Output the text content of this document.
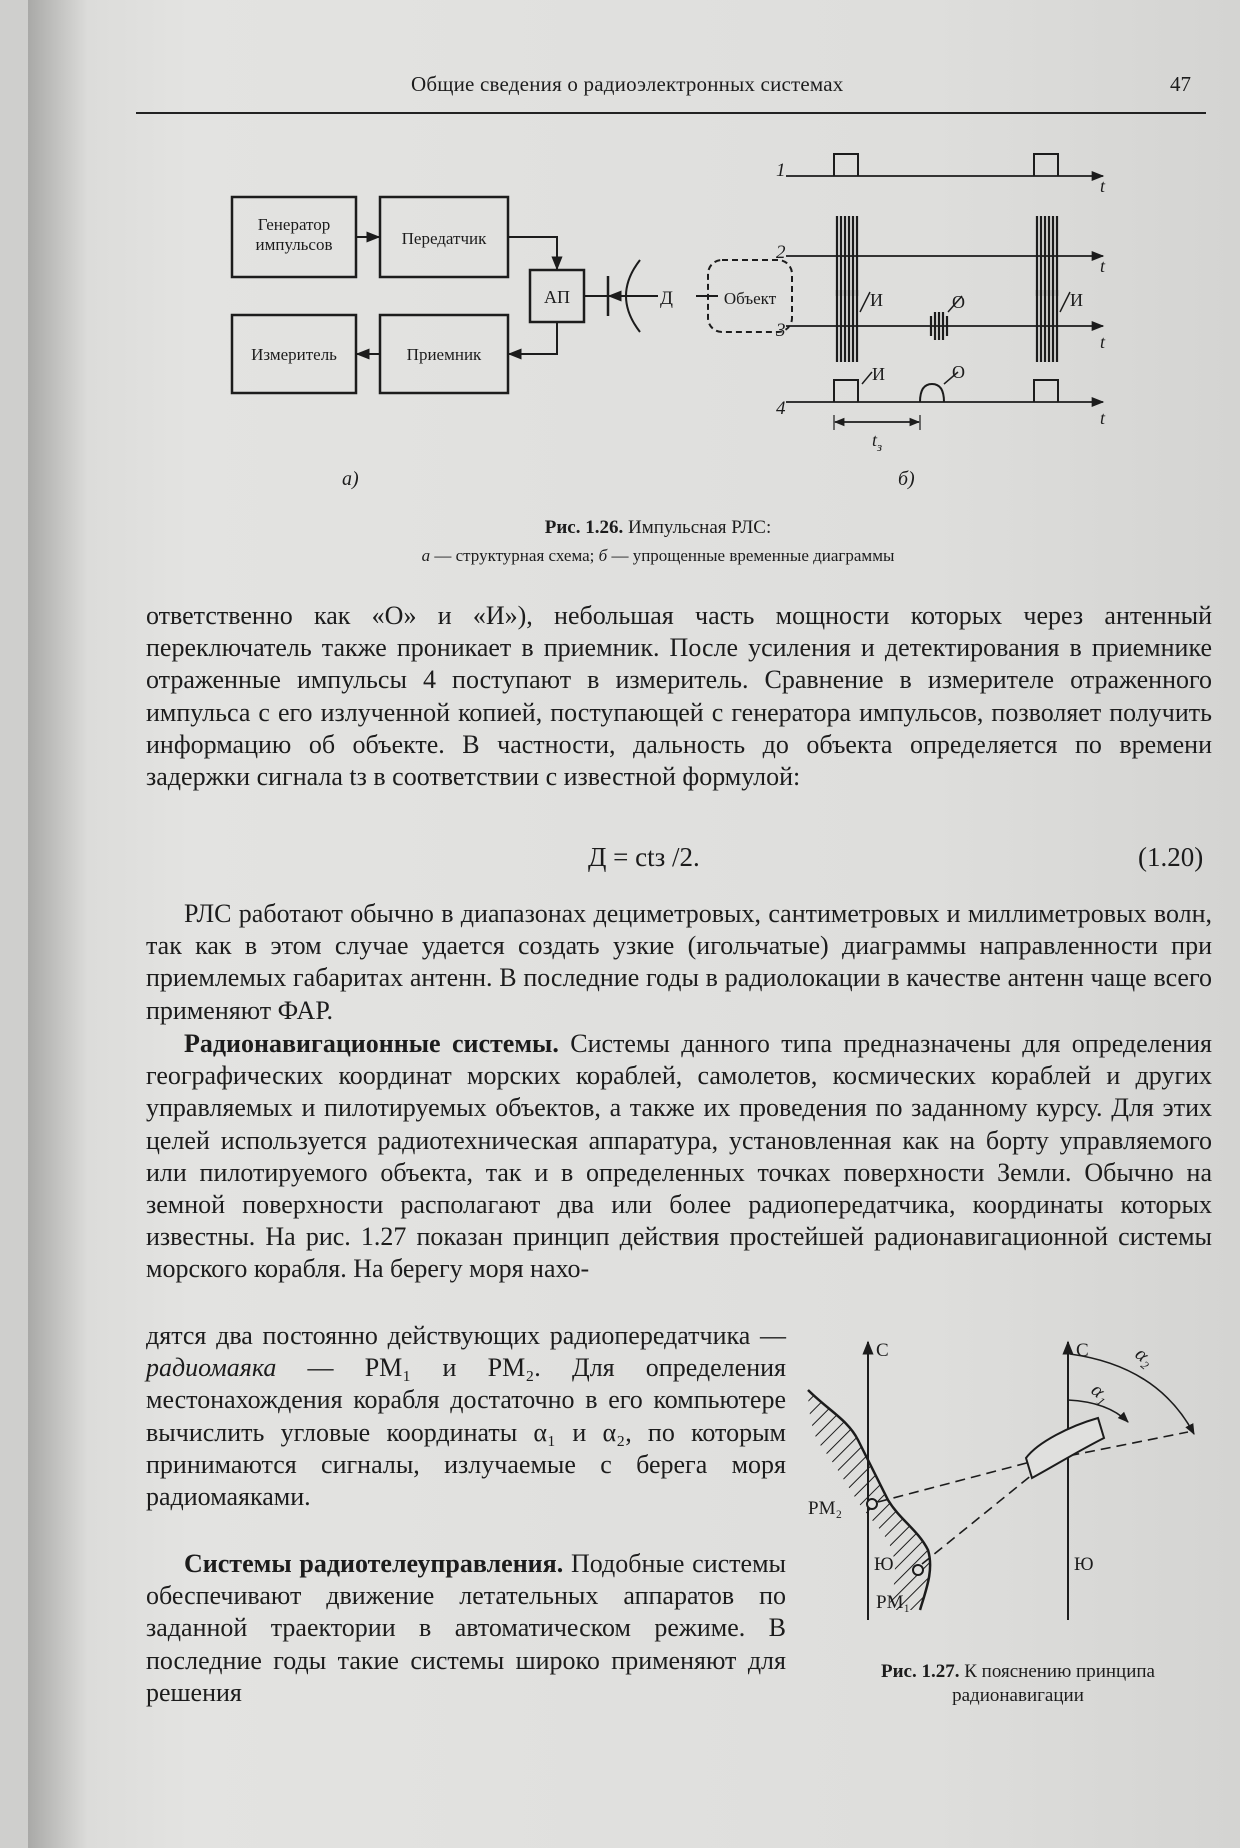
Общие сведения о радиоэлектронных системах	47
Генератор
импульсов	Передатчик
Измеритель	Приемник
АП	Д	Объект
а)
1
t
2
t
3
И	О	И
t
4
И	О
t
$t_з$
б)
Рис. 1.26. Импульсная РЛС:
а — структурная схема; б — упрощенные временные диаграммы
ответственно как «О» и «И»), небольшая часть мощности которых через антенный переключатель также проникает в приемник. После усиления и детектирования в приемнике отраженные импульсы 4 поступают в измеритель. Сравнение в измерителе отраженного импульса с его излученной копией, поступающей с генератора импульсов, позволяет получить информацию об объекте. В частности, дальность до объекта определяется по времени задержки сигнала tз в соответствии с известной формулой:
Д = ctз /2.	(1.20)
РЛС работают обычно в диапазонах дециметровых, сантиметровых и миллиметровых волн, так как в этом случае удается создать узкие (игольчатые) диаграммы направленности при приемлемых габаритах антенн. В последние годы в радиолокации в качестве антенн чаще всего применяют ФАР.
Радионавигационные системы. Системы данного типа предназначены для определения географических координат морских кораблей, самолетов, космических кораблей и других управляемых и пилотируемых объектов, а также их проведения по заданному курсу. Для этих целей используется радиотехническая аппаратура, установленная как на борту управляемого или пилотируемого объекта, так и в определенных точках поверхности Земли. Обычно на земной поверхности располагают два или более радиопередатчика, координаты которых известны. На рис. 1.27 показан принцип действия простейшей радионавигационной системы морского корабля. На берегу моря нахо-
дятся два постоянно действующих радиопередатчика — радиомаяка — РМ₁ и РМ₂. Для определения местонахождения корабля достаточно в его компьютере вычислить угловые координаты α₁ и α₂, по которым принимаются сигналы, излучаемые с берега моря радиомаяками.
Системы радиотелеуправления. Подобные системы обеспечивают движение летательных аппаратов по заданной траектории в автоматическом режиме. В последние годы такие системы широко применяют для решения
С	С
Ю	Ю
РМ₂
РМ₁
α₁
α₂
Рис. 1.27. К пояснению принципа
радионавигации
